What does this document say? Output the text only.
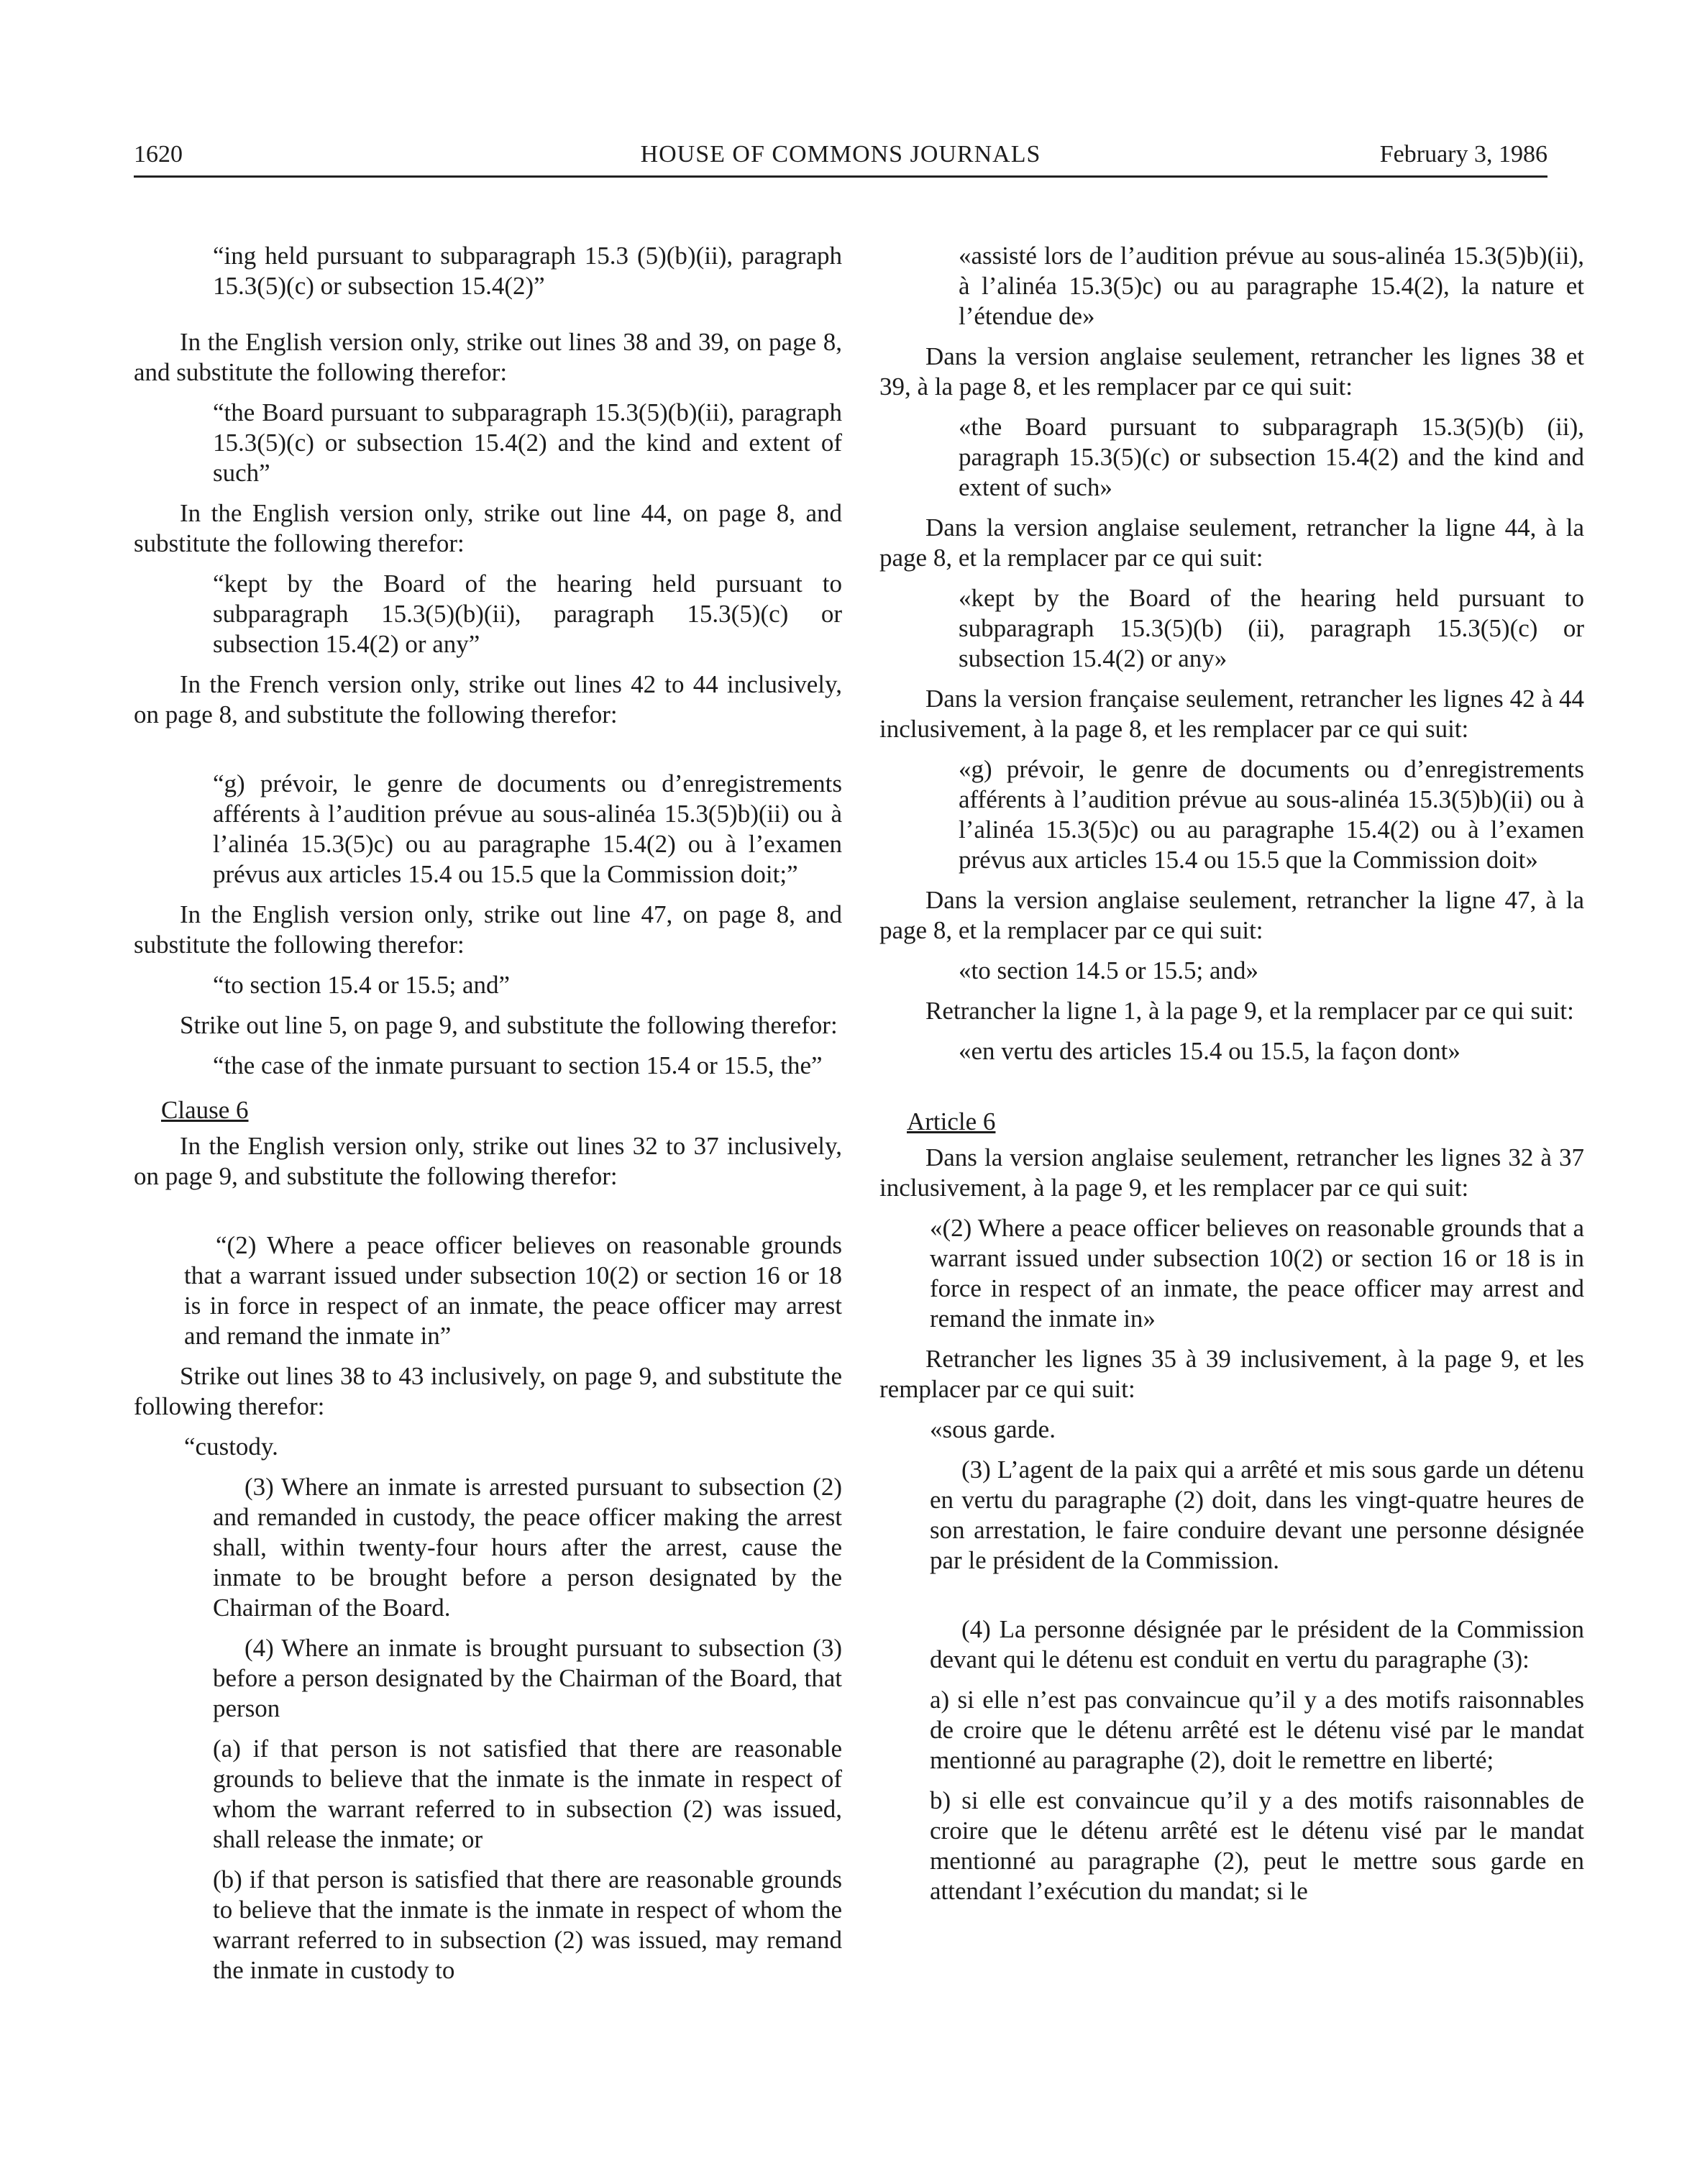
1620	HOUSE OF COMMONS JOURNALS	February 3, 1986
“ing held pursuant to subparagraph 15.3 (5)(b)(ii), paragraph 15.3(5)(c) or subsection 15.4(2)”
In the English version only, strike out lines 38 and 39, on page 8, and substitute the following therefor:
“the Board pursuant to subparagraph 15.3(5)(b)(ii), paragraph 15.3(5)(c) or subsection 15.4(2) and the kind and extent of such”
In the English version only, strike out line 44, on page 8, and substitute the following therefor:
“kept by the Board of the hearing held pursuant to subparagraph 15.3(5)(b)(ii), paragraph 15.3(5)(c) or subsection 15.4(2) or any”
In the French version only, strike out lines 42 to 44 inclusively, on page 8, and substitute the following therefor:
“g) prévoir, le genre de documents ou d’enregistrements afférents à l’audition prévue au sous-alinéa 15.3(5)b)(ii) ou à l’alinéa 15.3(5)c) ou au paragraphe 15.4(2) ou à l’examen prévus aux articles 15.4 ou 15.5 que la Commission doit;”
In the English version only, strike out line 47, on page 8, and substitute the following therefor:
“to section 15.4 or 15.5; and”
Strike out line 5, on page 9, and substitute the following therefor:
“the case of the inmate pursuant to section 15.4 or 15.5, the”
Clause 6
In the English version only, strike out lines 32 to 37 inclusively, on page 9, and substitute the following therefor:
“(2) Where a peace officer believes on reasonable grounds that a warrant issued under subsection 10(2) or section 16 or 18 is in force in respect of an inmate, the peace officer may arrest and remand the inmate in”
Strike out lines 38 to 43 inclusively, on page 9, and substitute the following therefor:
“custody.
(3) Where an inmate is arrested pursuant to subsection (2) and remanded in custody, the peace officer making the arrest shall, within twenty-four hours after the arrest, cause the inmate to be brought before a person designated by the Chairman of the Board.
(4) Where an inmate is brought pursuant to subsection (3) before a person designated by the Chairman of the Board, that person
(a) if that person is not satisfied that there are reasonable grounds to believe that the inmate is the inmate in respect of whom the warrant referred to in subsection (2) was issued, shall release the inmate; or
(b) if that person is satisfied that there are reasonable grounds to believe that the inmate is the inmate in respect of whom the warrant referred to in subsection (2) was issued, may remand the inmate in custody to
«assisté lors de l’audition prévue au sous-alinéa 15.3(5)b)(ii), à l’alinéa 15.3(5)c) ou au paragraphe 15.4(2), la nature et l’étendue de»
Dans la version anglaise seulement, retrancher les lignes 38 et 39, à la page 8, et les remplacer par ce qui suit:
«the Board pursuant to subparagraph 15.3(5)(b) (ii), paragraph 15.3(5)(c) or subsection 15.4(2) and the kind and extent of such»
Dans la version anglaise seulement, retrancher la ligne 44, à la page 8, et la remplacer par ce qui suit:
«kept by the Board of the hearing held pursuant to subparagraph 15.3(5)(b) (ii), paragraph 15.3(5)(c) or subsection 15.4(2) or any»
Dans la version française seulement, retrancher les lignes 42 à 44 inclusivement, à la page 8, et les remplacer par ce qui suit:
«g) prévoir, le genre de documents ou d’enregistrements afférents à l’audition prévue au sous-alinéa 15.3(5)b)(ii) ou à l’alinéa 15.3(5)c) ou au paragraphe 15.4(2) ou à l’examen prévus aux articles 15.4 ou 15.5 que la Commission doit»
Dans la version anglaise seulement, retrancher la ligne 47, à la page 8, et la remplacer par ce qui suit:
«to section 14.5 or 15.5; and»
Retrancher la ligne 1, à la page 9, et la remplacer par ce qui suit:
«en vertu des articles 15.4 ou 15.5, la façon dont»
Article 6
Dans la version anglaise seulement, retrancher les lignes 32 à 37 inclusivement, à la page 9, et les remplacer par ce qui suit:
«(2) Where a peace officer believes on reasonable grounds that a warrant issued under subsection 10(2) or section 16 or 18 is in force in respect of an inmate, the peace officer may arrest and remand the inmate in»
Retrancher les lignes 35 à 39 inclusivement, à la page 9, et les remplacer par ce qui suit:
«sous garde.
(3) L’agent de la paix qui a arrêté et mis sous garde un détenu en vertu du paragraphe (2) doit, dans les vingt-quatre heures de son arrestation, le faire conduire devant une personne désignée par le président de la Commission.
(4) La personne désignée par le président de la Commission devant qui le détenu est conduit en vertu du paragraphe (3):
a) si elle n’est pas convaincue qu’il y a des motifs raisonnables de croire que le détenu arrêté est le détenu visé par le mandat mentionné au paragraphe (2), doit le remettre en liberté;
b) si elle est convaincue qu’il y a des motifs raisonnables de croire que le détenu arrêté est le détenu visé par le mandat mentionné au paragraphe (2), peut le mettre sous garde en attendant l’exécution du mandat; si le
